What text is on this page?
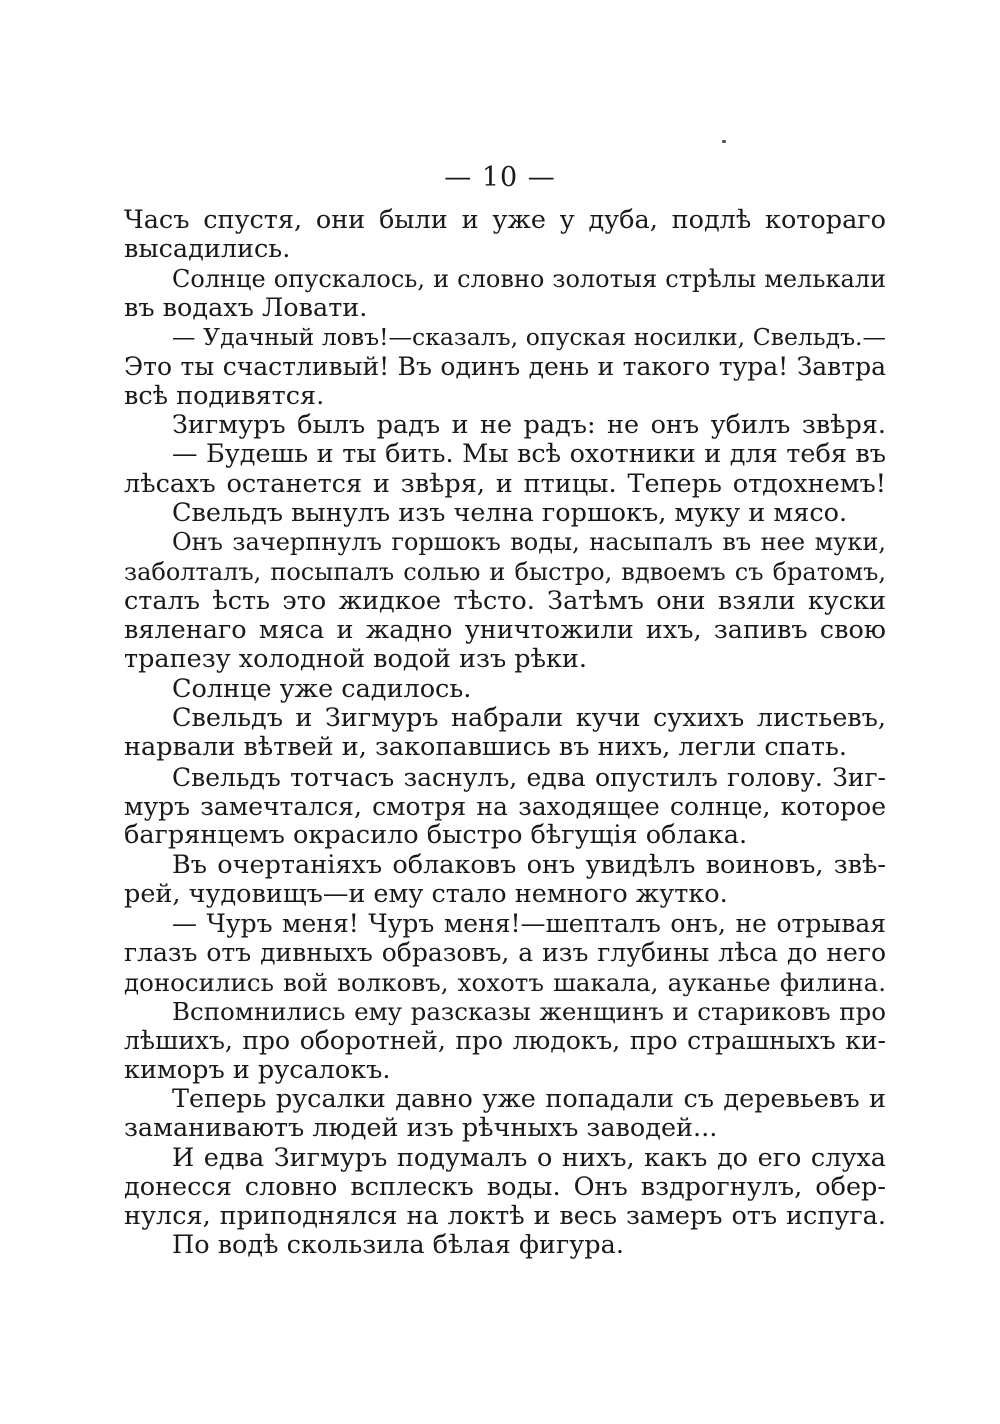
— 10 —
Часъ спустя, они были и уже у дуба, подлѣ котораго
высадились.
Солнце опускалось, и словно золотыя стрѣлы мелькали
въ водахъ Ловати.
— Удачный ловъ!—сказалъ, опуская носилки, Свельдъ.—
Это ты счастливый! Въ одинъ день и такого тура! Завтра
всѣ подивятся.
Зигмуръ былъ радъ и не радъ: не онъ убилъ звѣря.
— Будешь и ты бить. Мы всѣ охотники и для тебя въ
лѣсахъ останется и звѣря, и птицы. Теперь отдохнемъ!
Свельдъ вынулъ изъ челна горшокъ, муку и мясо.
Онъ зачерпнулъ горшокъ воды, насыпалъ въ нее муки,
заболталъ, посыпалъ солью и быстро, вдвоемъ съ братомъ,
сталъ ѣсть это жидкое тѣсто. Затѣмъ они взяли куски
вяленаго мяса и жадно уничтожили ихъ, запивъ свою
трапезу холодной водой изъ рѣки.
Солнце уже садилось.
Свельдъ и Зигмуръ набрали кучи сухихъ листьевъ,
нарвали вѣтвей и, закопавшись въ нихъ, легли спать.
Свельдъ тотчасъ заснулъ, едва опустилъ голову. Зиг-
муръ замечтался, смотря на заходящее солнце, которое
багрянцемъ окрасило быстро бѣгущія облака.
Въ очертаніяхъ облаковъ онъ увидѣлъ воиновъ, звѣ-
рей, чудовищъ—и ему стало немного жутко.
— Чуръ меня! Чуръ меня!—шепталъ онъ, не отрывая
глазъ отъ дивныхъ образовъ, а изъ глубины лѣса до него
доносились вой волковъ, хохотъ шакала, ауканье филина.
Вспомнились ему разсказы женщинъ и стариковъ про
лѣшихъ, про оборотней, про людокъ, про страшныхъ ки-
киморъ и русалокъ.
Теперь русалки давно уже попадали съ деревьевъ и
заманиваютъ людей изъ рѣчныхъ заводей...
И едва Зигмуръ подумалъ о нихъ, какъ до его слуха
донесся словно всплескъ воды. Онъ вздрогнулъ, обер-
нулся, приподнялся на локтѣ и весь замеръ отъ испуга.
По водѣ скользила бѣлая фигура.
